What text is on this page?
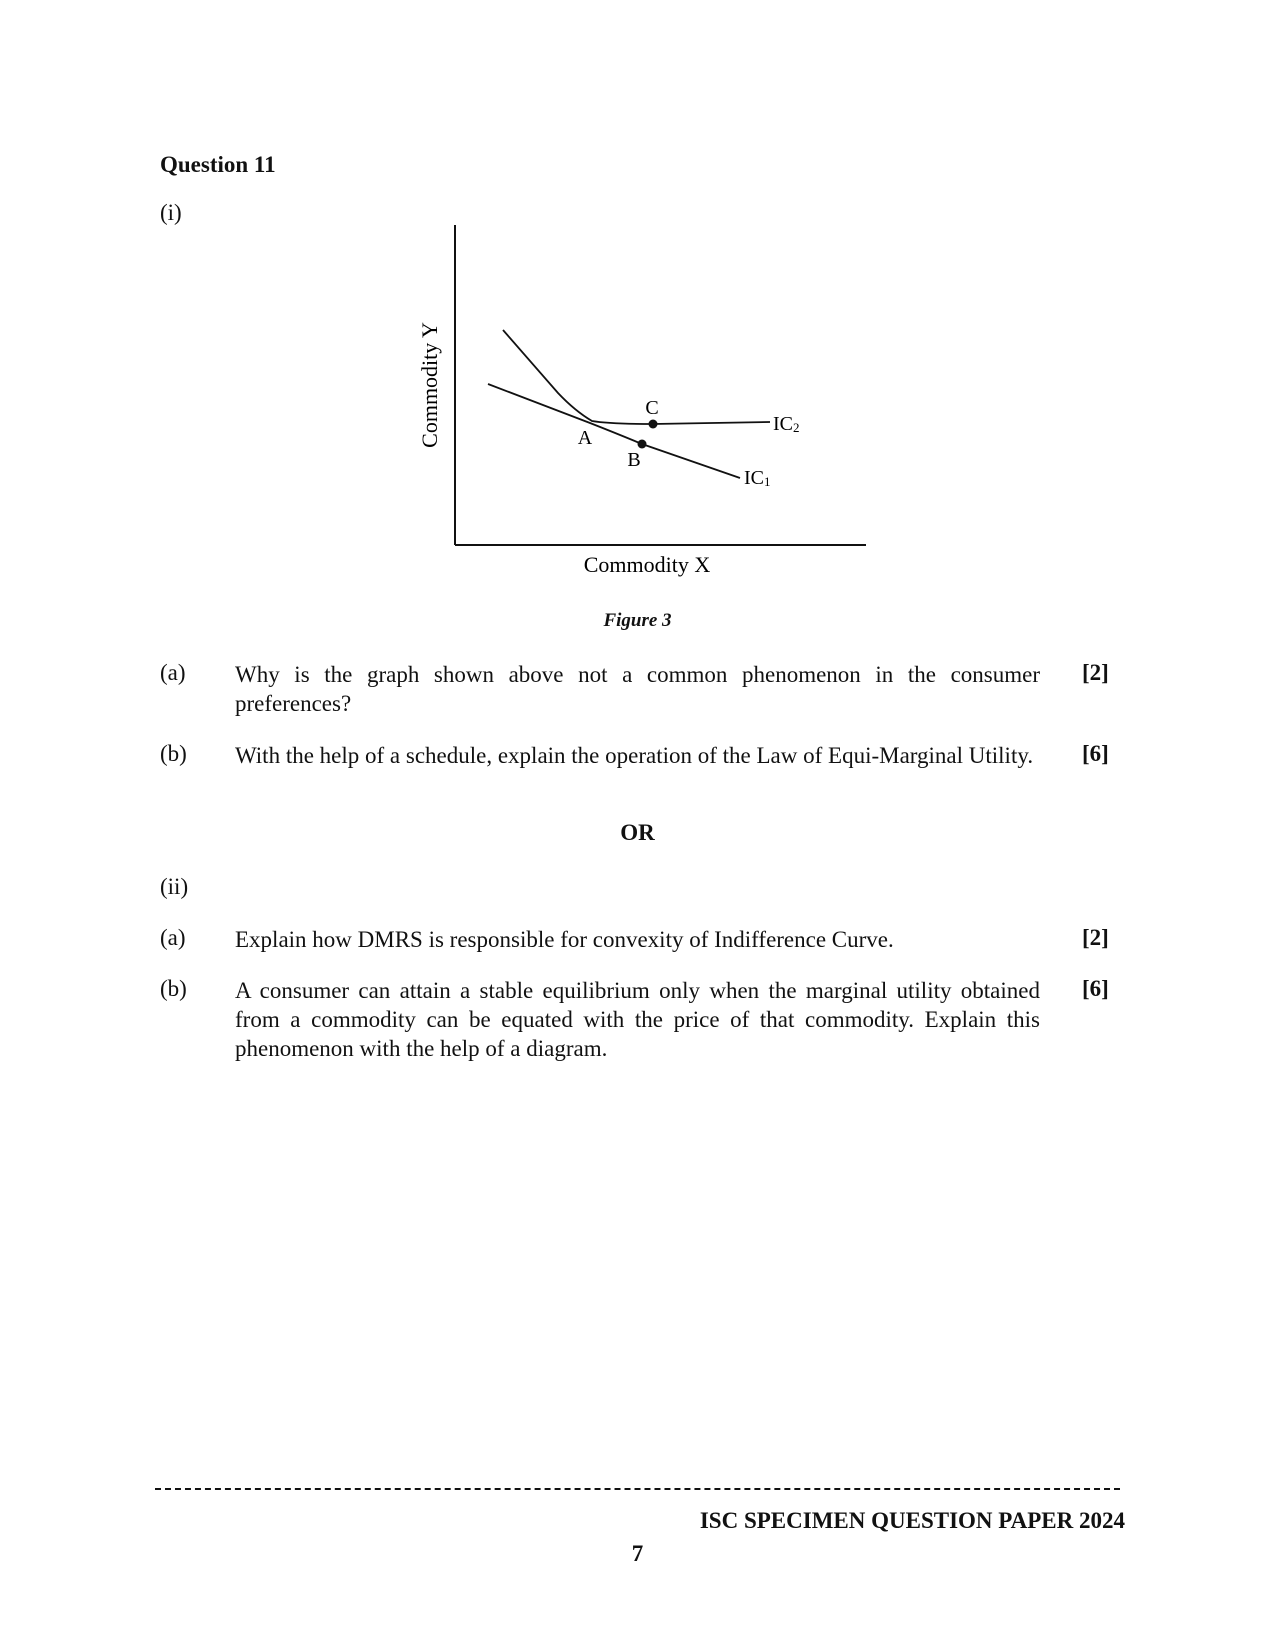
Question 11
(i)
Commodity Y
Commodity X
A
B
C
IC2
IC1
Figure 3
(a) Why is the graph shown above not a common phenomenon in the consumer preferences?
[2]
(b) With the help of a schedule, explain the operation of the Law of Equi-Marginal Utility.	[6]
OR
(ii)
(a) Explain how DMRS is responsible for convexity of Indifference Curve.	[2]
(b) A consumer can attain a stable equilibrium only when the marginal utility obtained from a commodity can be equated with the price of that commodity. Explain this phenomenon with the help of a diagram.
[6]
ISC SPECIMEN QUESTION PAPER 2024
7
